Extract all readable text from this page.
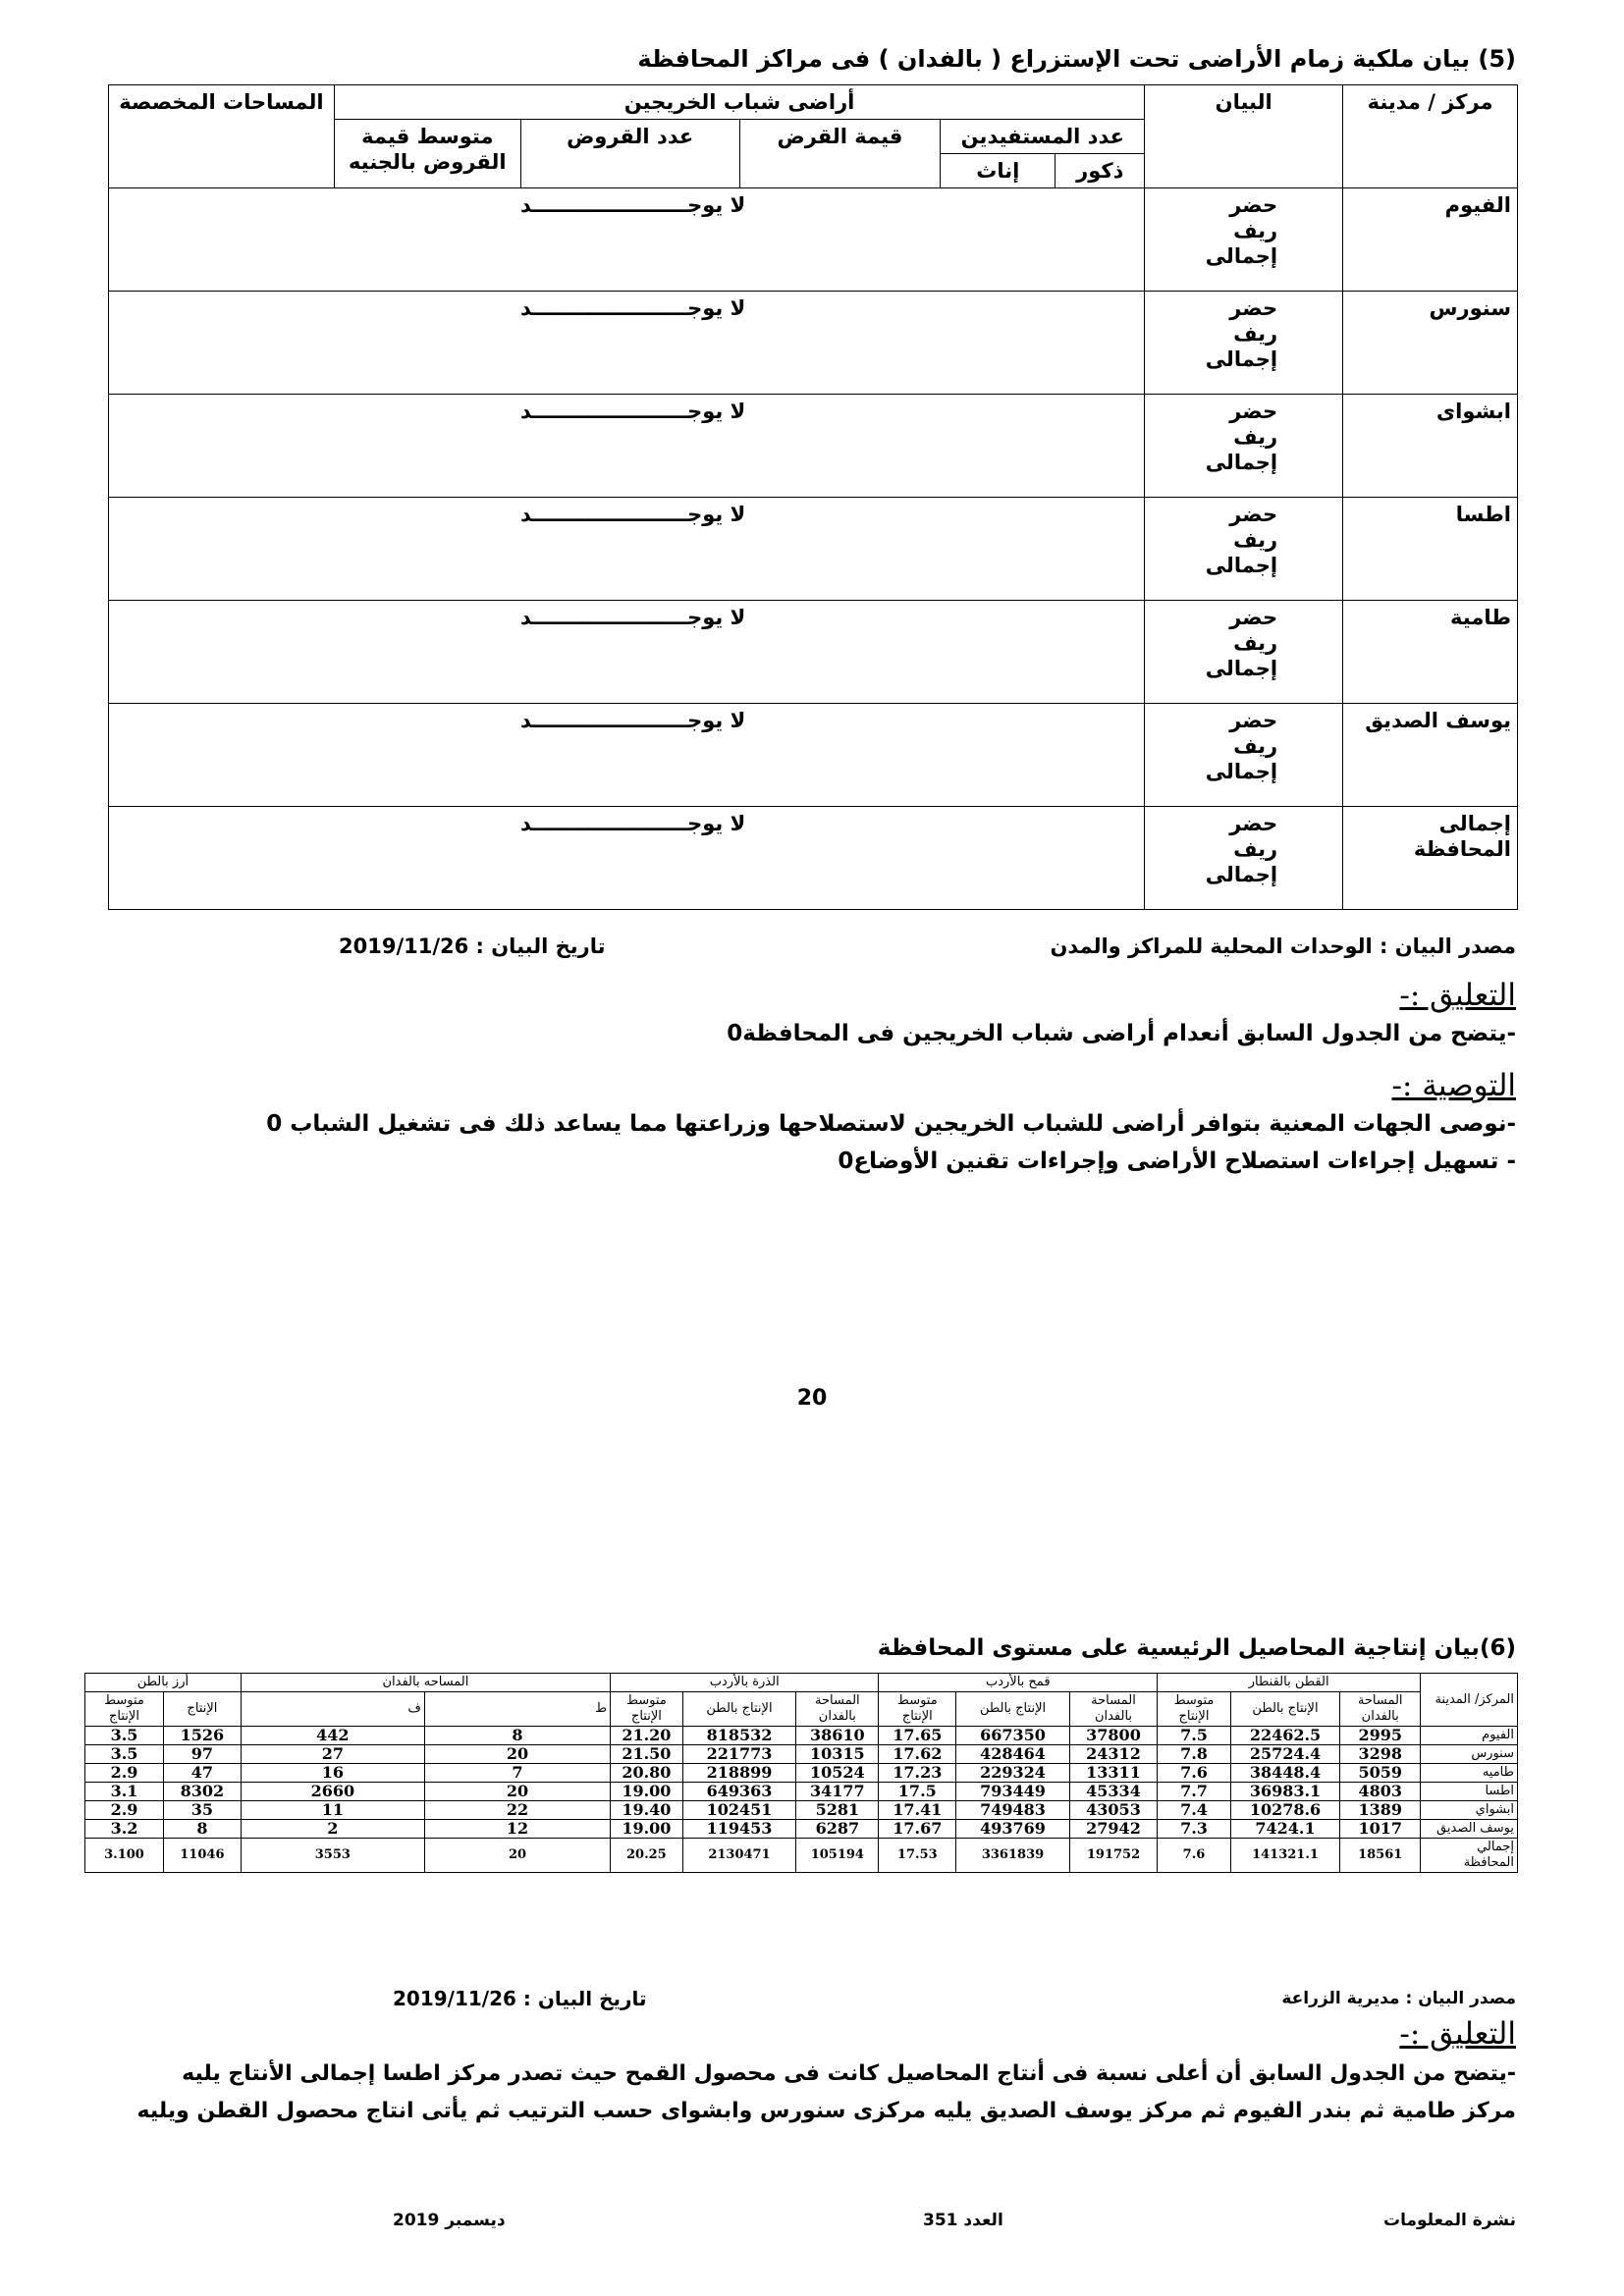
(5) بيان ملكية زمام الأراضى تحت الإستزراع ( بالفدان ) فى مراكز المحافظة
مركز / مدينة	البيان	أراضى شباب الخريجين					المساحات المخصصة
		عدد المستفيدين		قيمة القرض	عدد القروض	متوسط قيمة القروض بالجنيه	
		ذكور	إناث				
الفيوم	حضر
ريف
إجمالى	لا يوجــــــــــــــــــــــد					

سنورس	حضر
ريف
إجمالى	لا يوجــــــــــــــــــــــد					

ابشواى	حضر
ريف
إجمالى	لا يوجــــــــــــــــــــــد					

اطسا	حضر
ريف
إجمالى	لا يوجــــــــــــــــــــــد					

طامية	حضر
ريف
إجمالى	لا يوجــــــــــــــــــــــد					

يوسف الصديق	حضر
ريف
إجمالى	لا يوجــــــــــــــــــــــد					

إجمالى المحافظة	حضر
ريف
إجمالى	لا يوجــــــــــــــــــــــد					
مصدر البيان : الوحدات المحلية للمراكز والمدن
تاريخ البيان : 2019/11/26
التعليق :-
-يتضح من الجدول السابق أنعدام أراضى شباب الخريجين فى المحافظة0
التوصية :-
-نوصى الجهات المعنية بتوافر أراضى للشباب الخريجين لاستصلاحها وزراعتها مما يساعد ذلك فى تشغيل الشباب 0
- تسهيل إجراءات استصلاح الأراضى وإجراءات تقنين الأوضاع0
20
(6)بيان إنتاجية المحاصيل الرئيسية على مستوى المحافظة
المركز/ المدينة	القطن بالقنطار			قمح بالأردب			الذرة بالأردب			المساحه بالفدان		أرز بالطن	
	المساحة بالفدان	الإنتاج بالطن	متوسط الإنتاج	المساحة بالفدان	الإنتاج بالطن	متوسط الإنتاج	المساحة بالفدان	الإنتاج بالطن	متوسط الإنتاج	ط	ف	الإنتاج	متوسط الإنتاج
الفيوم	2995	22462.5	7.5	37800	667350	17.65	38610	818532	21.20	8	442	1526	3.5
سنورس	3298	25724.4	7.8	24312	428464	17.62	10315	221773	21.50	20	27	97	3.5
طاميه	5059	38448.4	7.6	13311	229324	17.23	10524	218899	20.80	7	16	47	2.9
اطسا	4803	36983.1	7.7	45334	793449	17.5	34177	649363	19.00	20	2660	8302	3.1
ابشواي	1389	10278.6	7.4	43053	749483	17.41	5281	102451	19.40	22	11	35	2.9
يوسف الصديق	1017	7424.1	7.3	27942	493769	17.67	6287	119453	19.00	12	2	8	3.2
إجمالي المحافظة	18561	141321.1	7.6	191752	3361839	17.53	105194	2130471	20.25	20	3553	11046	3.100
مصدر البيان : مديرية الزراعة
تاريخ البيان : 2019/11/26
التعليق :-
-يتضح من الجدول السابق أن أعلى نسبة فى أنتاج المحاصيل كانت فى محصول القمح حيث تصدر مركز اطسا إجمالى الأنتاج يليه
مركز طامية ثم بندر الفيوم ثم مركز يوسف الصديق يليه مركزى سنورس وابشواى حسب الترتيب ثم يأتى انتاج محصول القطن ويليه
نشرة المعلومات
العدد 351
ديسمبر 2019
